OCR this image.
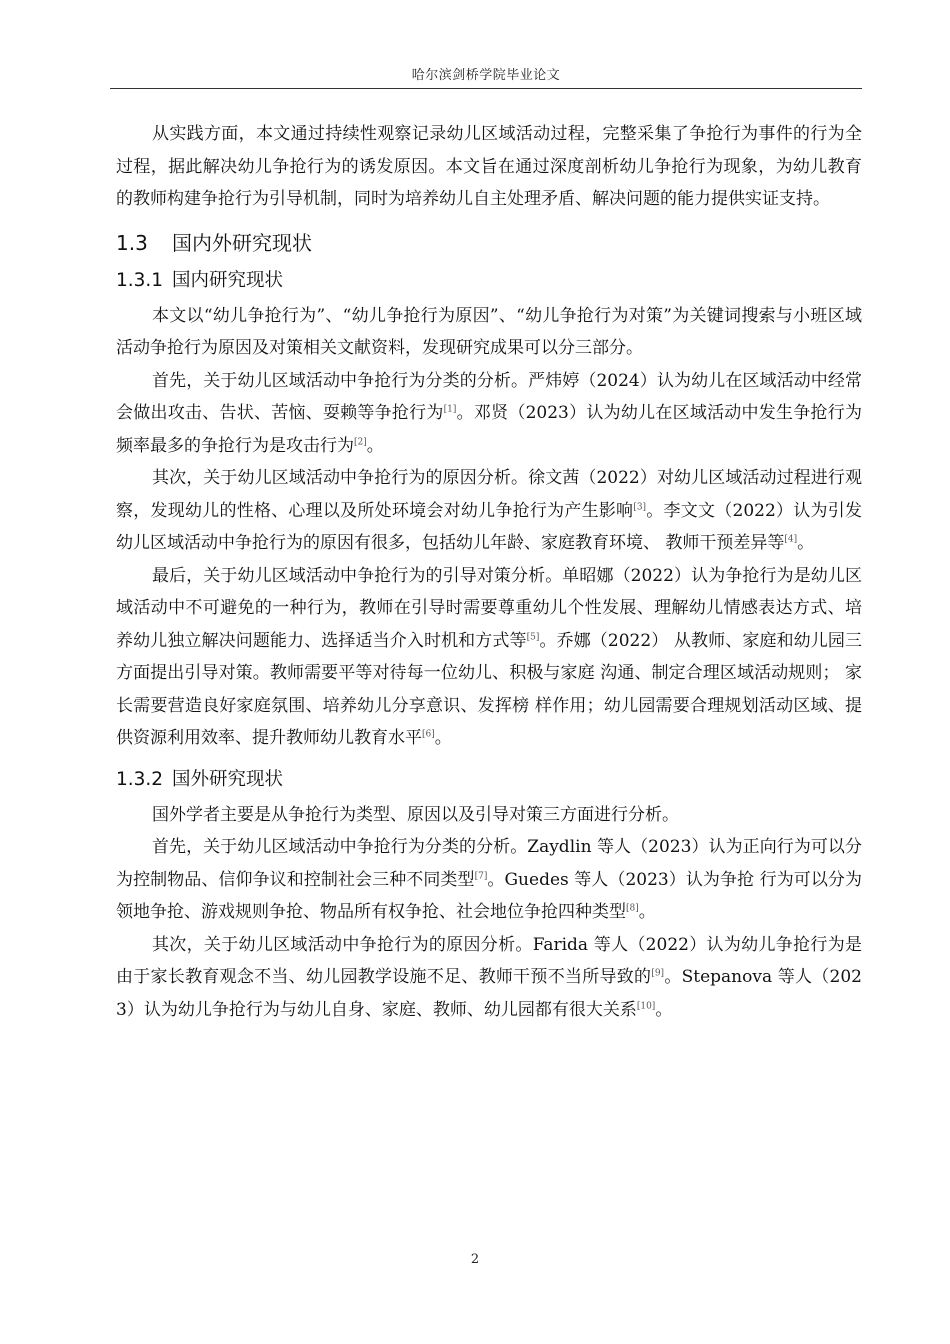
哈尔滨剑桥学院毕业论文

从实践方面，本文通过持续性观察记录幼儿区域活动过程，完整采集了争抢行为事件的行为全过程，据此解决幼儿争抢行为的诱发原因。本文旨在通过深度剖析幼儿争抢行为现象，为幼儿教育的教师构建争抢行为引导机制，同时为培养幼儿自主处理矛盾、解决问题的能力提供实证支持。

1.3 国内外研究现状
1.3.1 国内研究现状

本文以“幼儿争抢行为”、“幼儿争抢行为原因”、“幼儿争抢行为对策”为关键词搜索与小班区域活动争抢行为原因及对策相关文献资料，发现研究成果可以分三部分。

首先，关于幼儿区域活动中争抢行为分类的分析。严炜婷（2024）认为幼儿在区域活动中经常会做出攻击、告状、苦恼、耍赖等争抢行为[1]。邓贤（2023）认为幼儿在区域活动中发生争抢行为频率最多的争抢行为是攻击行为[2]。

其次，关于幼儿区域活动中争抢行为的原因分析。徐文茜（2022）对幼儿区域活动过程进行观察，发现幼儿的性格、心理以及所处环境会对幼儿争抢行为产生影响[3]。李文文（2022）认为引发幼儿区域活动中争抢行为的原因有很多，包括幼儿年龄、家庭教育环境、 教师干预差异等[4]。

最后，关于幼儿区域活动中争抢行为的引导对策分析。单昭娜（2022）认为争抢行为是幼儿区域活动中不可避免的一种行为，教师在引导时需要尊重幼儿个性发展、理解幼儿情感表达方式、培养幼儿独立解决问题能力、选择适当介入时机和方式等[5]。乔娜（2022） 从教师、家庭和幼儿园三方面提出引导对策。教师需要平等对待每一位幼儿、积极与家庭 沟通、制定合理区域活动规则； 家长需要营造良好家庭氛围、培养幼儿分享意识、发挥榜 样作用；幼儿园需要合理规划活动区域、提供资源利用效率、提升教师幼儿教育水平[6]。

1.3.2 国外研究现状

国外学者主要是从争抢行为类型、原因以及引导对策三方面进行分析。

首先，关于幼儿区域活动中争抢行为分类的分析。Zaydlin 等人（2023）认为正向行为可以分为控制物品、信仰争议和控制社会三种不同类型[7]。Guedes 等人（2023）认为争抢 行为可以分为领地争抢、游戏规则争抢、物品所有权争抢、社会地位争抢四种类型[8]。

其次，关于幼儿区域活动中争抢行为的原因分析。Farida 等人（2022）认为幼儿争抢行为是由于家长教育观念不当、幼儿园教学设施不足、教师干预不当所导致的[9]。Stepanova 等人（2023）认为幼儿争抢行为与幼儿自身、家庭、教师、幼儿园都有很大关系[10]。

2
